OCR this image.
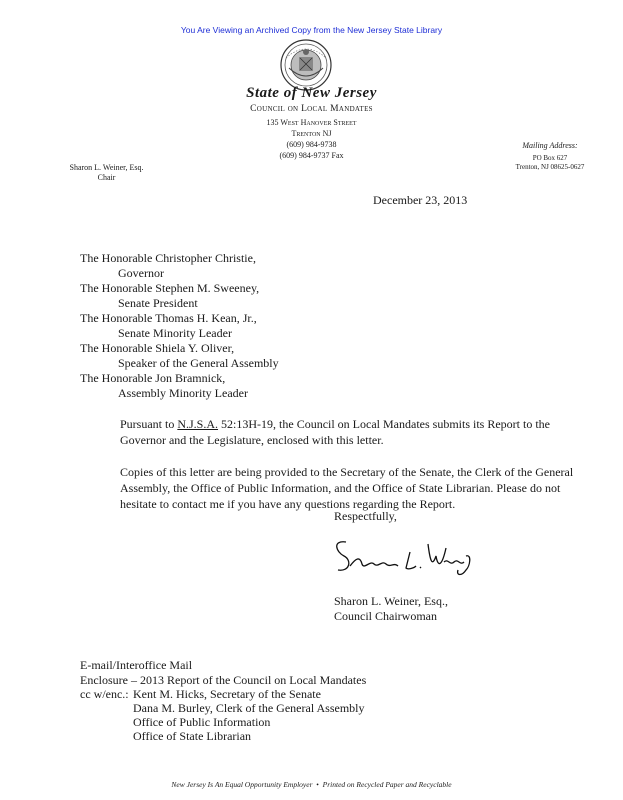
You Are Viewing an Archived Copy from the New Jersey State Library
State of New Jersey
Council on Local Mandates
135 West Hanover Street
Trenton NJ
(609) 984-9738
(609) 984-9737 Fax
Sharon L. Weiner, Esq.
Chair
Mailing Address:
PO Box 627
Trenton, NJ 08625-0627
December 23, 2013
The Honorable Christopher Christie,
Governor
The Honorable Stephen M. Sweeney,
Senate President
The Honorable Thomas H. Kean, Jr.,
Senate Minority Leader
The Honorable Shiela Y. Oliver,
Speaker of the General Assembly
The Honorable Jon Bramnick,
Assembly Minority Leader
Pursuant to N.J.S.A. 52:13H-19, the Council on Local Mandates submits its Report to the Governor and the Legislature, enclosed with this letter.
Copies of this letter are being provided to the Secretary of the Senate, the Clerk of the General Assembly, the Office of Public Information, and the Office of State Librarian. Please do not hesitate to contact me if you have any questions regarding the Report.
Respectfully,
Sharon L. Weiner, Esq.,
Council Chairwoman
E-mail/Interoffice Mail
Enclosure – 2013 Report of the Council on Local Mandates
cc w/enc.: Kent M. Hicks, Secretary of the Senate
Dana M. Burley, Clerk of the General Assembly
Office of Public Information
Office of State Librarian
New Jersey Is An Equal Opportunity Employer • Printed on Recycled Paper and Recyclable
